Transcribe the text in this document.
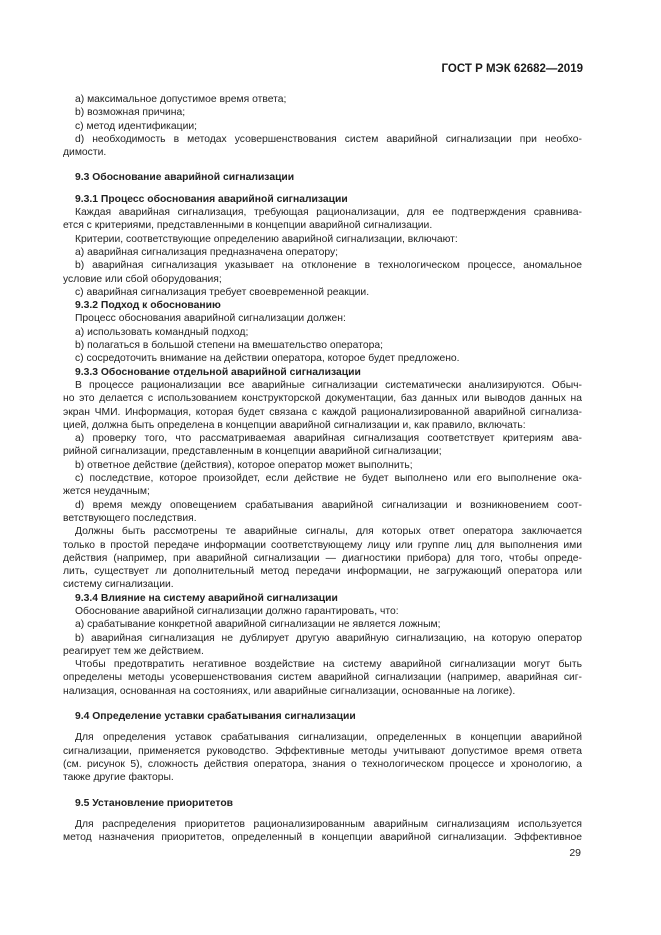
ГОСТ Р МЭК 62682—2019
а) максимальное допустимое время ответа;
b) возможная причина;
c) метод идентификации;
d) необходимость в методах усовершенствования систем аварийной сигнализации при необхо-
димости.
9.3 Обоснование аварийной сигнализации
9.3.1 Процесс обоснования аварийной сигнализации
Каждая аварийная сигнализация, требующая рационализации, для ее подтверждения сравнива-
ется с критериями, представленными в концепции аварийной сигнализации.
Критерии, соответствующие определению аварийной сигнализации, включают:
а) аварийная сигнализация предназначена оператору;
b) аварийная сигнализация указывает на отклонение в технологическом процессе, аномальное
условие или сбой оборудования;
c) аварийная сигнализация требует своевременной реакции.
9.3.2 Подход к обоснованию
Процесс обоснования аварийной сигнализации должен:
а) использовать командный подход;
b) полагаться в большой степени на вмешательство оператора;
c) сосредоточить внимание на действии оператора, которое будет предложено.
9.3.3 Обоснование отдельной аварийной сигнализации
В процессе рационализации все аварийные сигнализации систематически анализируются. Обыч-
но это делается с использованием конструкторской документации, баз данных или выводов данных на
экран ЧМИ. Информация, которая будет связана с каждой рационализированной аварийной сигнализа-
цией, должна быть определена в концепции аварийной сигнализации и, как правило, включать:
а) проверку того, что рассматриваемая аварийная сигнализация соответствует критериям ава-
рийной сигнализации, представленным в концепции аварийной сигнализации;
b) ответное действие (действия), которое оператор может выполнить;
c) последствие, которое произойдет, если действие не будет выполнено или его выполнение ока-
жется неудачным;
d) время между оповещением срабатывания аварийной сигнализации и возникновением соот-
ветствующего последствия.
Должны быть рассмотрены те аварийные сигналы, для которых ответ оператора заключается
только в простой передаче информации соответствующему лицу или группе лиц для выполнения ими
действия (например, при аварийной сигнализации — диагностики прибора) для того, чтобы опреде-
лить, существует ли дополнительный метод передачи информации, не загружающий оператора или
систему сигнализации.
9.3.4 Влияние на систему аварийной сигнализации
Обоснование аварийной сигнализации должно гарантировать, что:
а) срабатывание конкретной аварийной сигнализации не является ложным;
b) аварийная сигнализация не дублирует другую аварийную сигнализацию, на которую оператор
реагирует тем же действием.
Чтобы предотвратить негативное воздействие на систему аварийной сигнализации могут быть
определены методы усовершенствования систем аварийной сигнализации (например, аварийная сиг-
нализация, основанная на состояниях, или аварийные сигнализации, основанные на логике).
9.4 Определение уставки срабатывания сигнализации
Для определения уставок срабатывания сигнализации, определенных в концепции аварийной
сигнализации, применяется руководство. Эффективные методы учитывают допустимое время ответа
(см. рисунок 5), сложность действия оператора, знания о технологическом процессе и хронологию, а
также другие факторы.
9.5 Установление приоритетов
Для распределения приоритетов рационализированным аварийным сигнализациям используется
метод назначения приоритетов, определенный в концепции аварийной сигнализации. Эффективное
29
